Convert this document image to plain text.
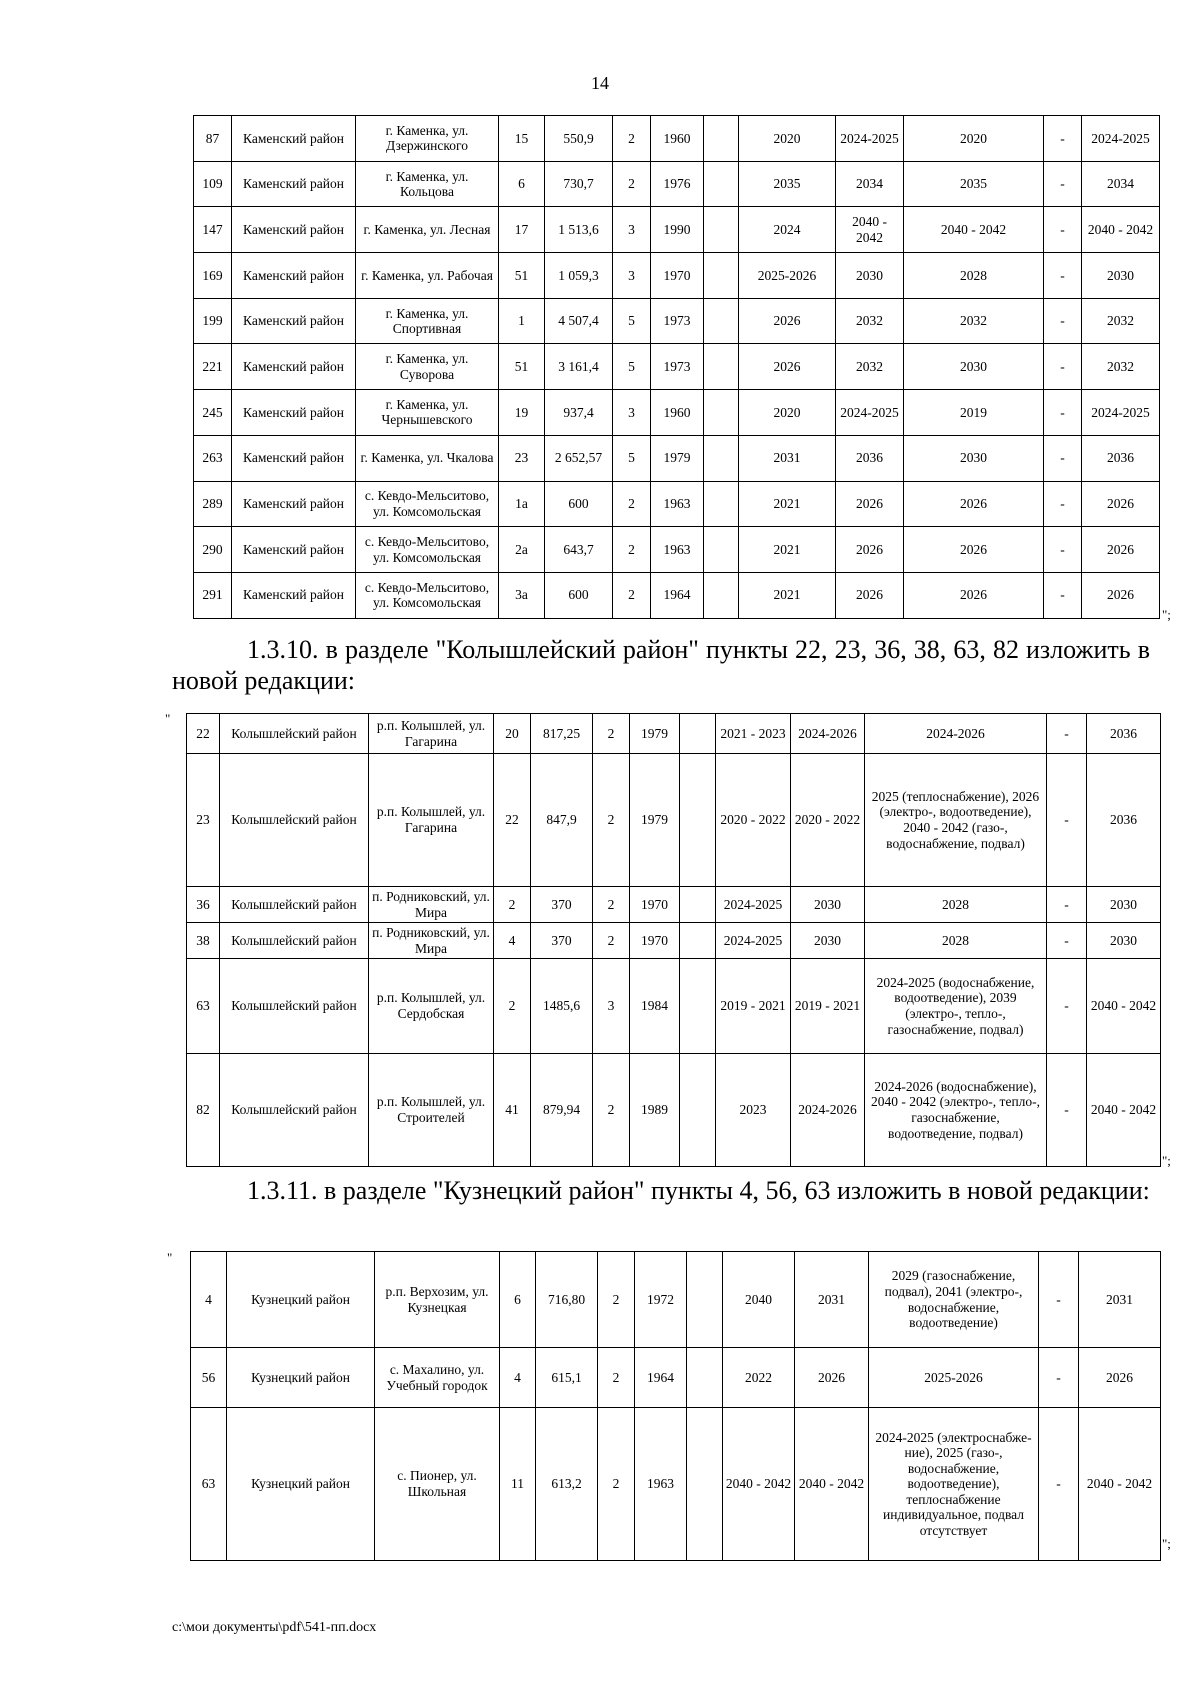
14
87	Каменский район	г. Каменка, ул. Дзержинского	15	550,9	2	1960		2020	2024-2025	2020	-	2024-2025
109	Каменский район	г. Каменка, ул. Кольцова	6	730,7	2	1976		2035	2034	2035	-	2034
147	Каменский район	г. Каменка, ул. Лесная	17	1 513,6	3	1990		2024	2040 - 2042	2040 - 2042	-	2040 - 2042
169	Каменский район	г. Каменка, ул. Рабочая	51	1 059,3	3	1970		2025-2026	2030	2028	-	2030
199	Каменский район	г. Каменка, ул. Спортивная	1	4 507,4	5	1973		2026	2032	2032	-	2032
221	Каменский район	г. Каменка, ул. Суворова	51	3 161,4	5	1973		2026	2032	2030	-	2032
245	Каменский район	г. Каменка, ул. Чернышевского	19	937,4	3	1960		2020	2024-2025	2019	-	2024-2025
263	Каменский район	г. Каменка, ул. Чкалова	23	2 652,57	5	1979		2031	2036	2030	-	2036
289	Каменский район	с. Кевдо-Мельситово, ул. Комсомольская	1а	600	2	1963		2021	2026	2026	-	2026
290	Каменский район	с. Кевдо-Мельситово, ул. Комсомольская	2а	643,7	2	1963		2021	2026	2026	-	2026
291	Каменский район	с. Кевдо-Мельситово, ул. Комсомольская	3а	600	2	1964		2021	2026	2026	-	2026
";

1.3.10. в разделе "Колышлейский район" пункты 22, 23, 36, 38, 63, 82 изложить в новой редакции:

"
22	Колышлейский район	р.п. Колышлей, ул. Гагарина	20	817,25	2	1979		2021 - 2023	2024-2026	2024-2026	-	2036
23	Колышлейский район	р.п. Колышлей, ул. Гагарина	22	847,9	2	1979		2020 - 2022	2020 - 2022	2025 (теплоснабжение), 2026 (электро-, водоотведение), 2040 - 2042 (газо-, водоснабжение, подвал)	-	2036
36	Колышлейский район	п. Родниковский, ул. Мира	2	370	2	1970		2024-2025	2030	2028	-	2030
38	Колышлейский район	п. Родниковский, ул. Мира	4	370	2	1970		2024-2025	2030	2028	-	2030
63	Колышлейский район	р.п. Колышлей, ул. Сердобская	2	1485,6	3	1984		2019 - 2021	2019 - 2021	2024-2025 (водоснабжение, водоотведение), 2039 (электро-, тепло-, газоснабжение, подвал)	-	2040 - 2042
82	Колышлейский район	р.п. Колышлей, ул. Строителей	41	879,94	2	1989		2023	2024-2026	2024-2026 (водоснабжение), 2040 - 2042 (электро-, тепло-, газоснабжение, водоотведение, подвал)	-	2040 - 2042
";

1.3.11. в разделе "Кузнецкий район" пункты 4, 56, 63 изложить в новой редакции:

"
4	Кузнецкий район	р.п. Верхозим, ул. Кузнецкая	6	716,80	2	1972		2040	2031	2029 (газоснабжение, подвал), 2041 (электро-, водоснабжение, водоотведение)	-	2031
56	Кузнецкий район	с. Махалино, ул. Учебный городок	4	615,1	2	1964		2022	2026	2025-2026	-	2026
63	Кузнецкий район	с. Пионер, ул. Школьная	11	613,2	2	1963		2040 - 2042	2040 - 2042	2024-2025 (электроснабже-ние), 2025 (газо-, водоснабжение, водоотведение), теплоснабжение индивидуальное, подвал отсутствует	-	2040 - 2042
";
c:\мои документы\pdf\541-пп.docx
